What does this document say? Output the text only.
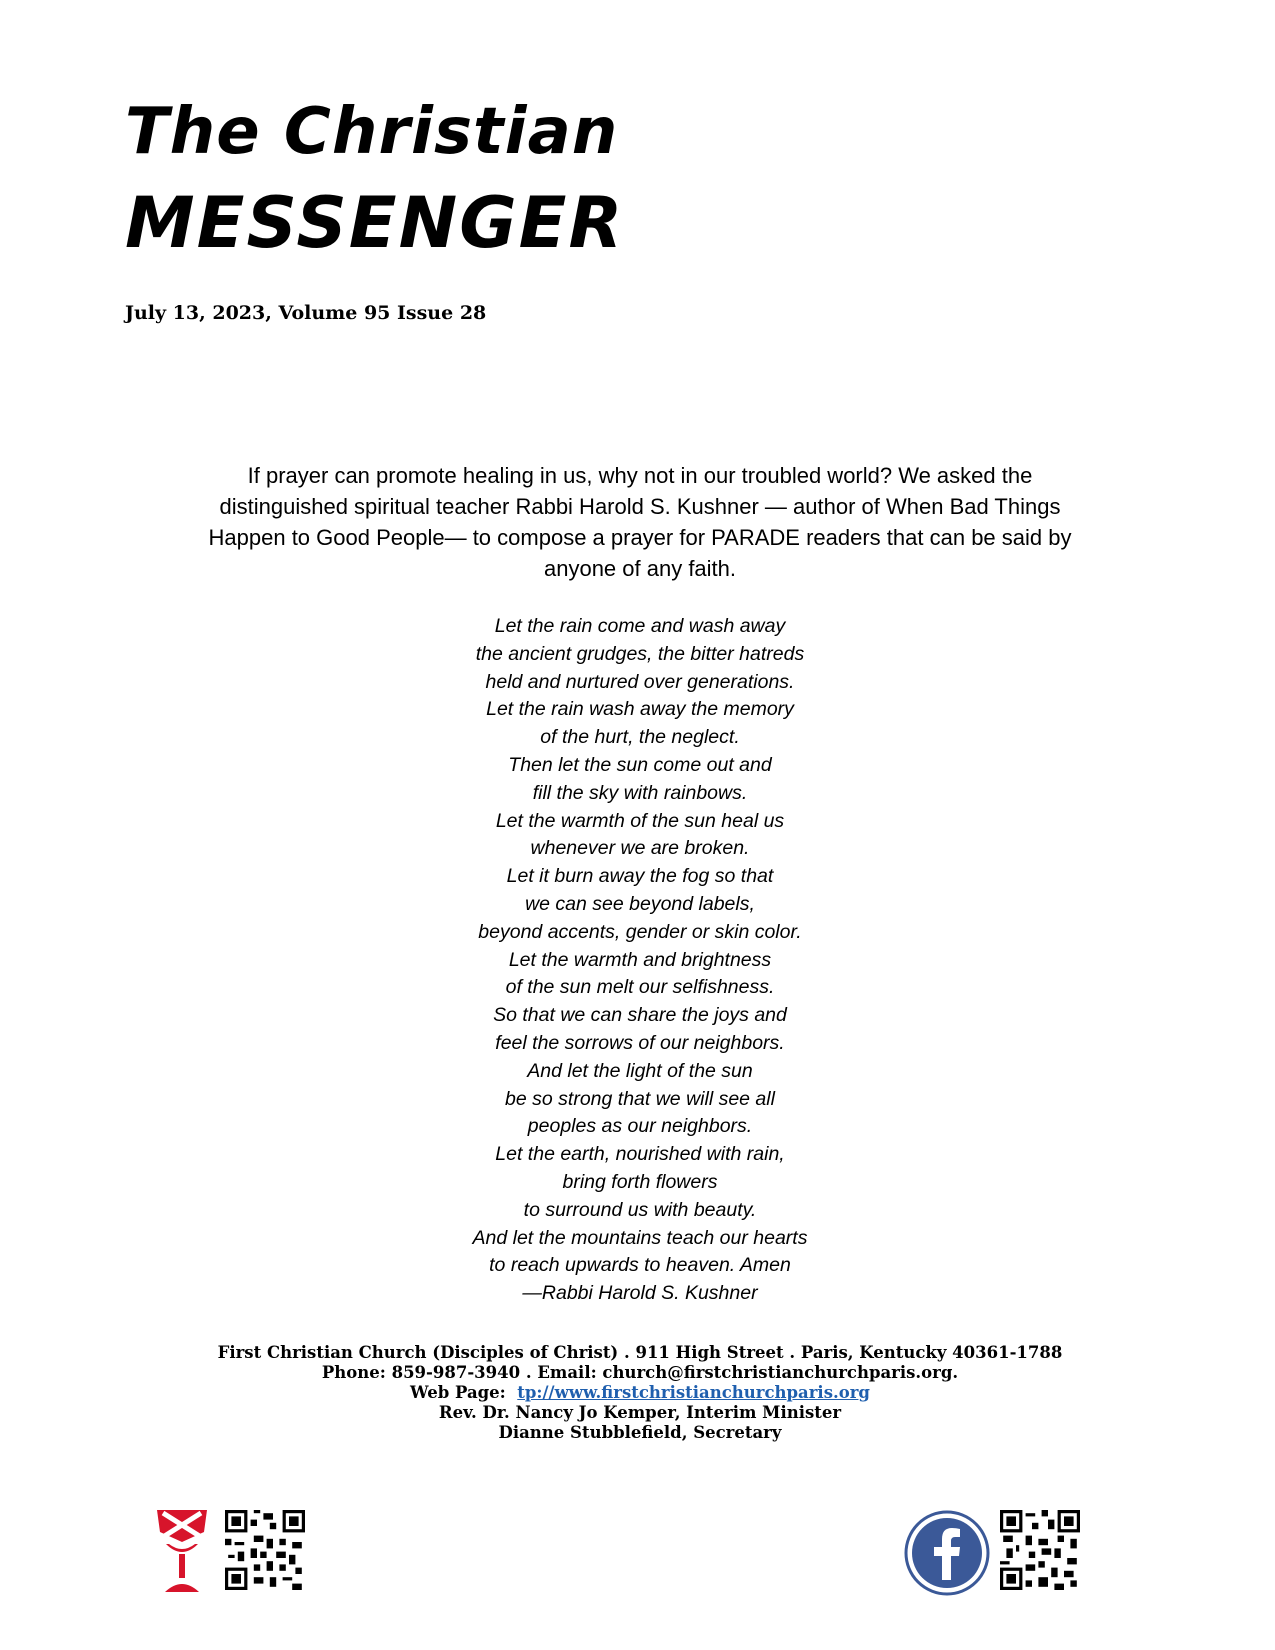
The Christian
MESSENGER
July 13, 2023, Volume 95 Issue 28
If prayer can promote healing in us, why not in our troubled world? We asked the
distinguished spiritual teacher Rabbi Harold S. Kushner — author of When Bad Things
Happen to Good People— to compose a prayer for PARADE readers that can be said by
anyone of any faith.
Let the rain come and wash away
the ancient grudges, the bitter hatreds
held and nurtured over generations.
Let the rain wash away the memory
of the hurt, the neglect.
Then let the sun come out and
fill the sky with rainbows.
Let the warmth of the sun heal us
whenever we are broken.
Let it burn away the fog so that
we can see beyond labels,
beyond accents, gender or skin color.
Let the warmth and brightness
of the sun melt our selfishness.
So that we can share the joys and
feel the sorrows of our neighbors.
And let the light of the sun
be so strong that we will see all
peoples as our neighbors.
Let the earth, nourished with rain,
bring forth flowers
to surround us with beauty.
And let the mountains teach our hearts
to reach upwards to heaven. Amen
—Rabbi Harold S. Kushner
First Christian Church (Disciples of Christ) . 911 High Street . Paris, Kentucky 40361-1788
Phone: 859-987-3940 . Email: church@firstchristianchurchparis.org.
Web Page: tp://www.firstchristianchurchparis.org
Rev. Dr. Nancy Jo Kemper, Interim Minister
Dianne Stubblefield, Secretary
